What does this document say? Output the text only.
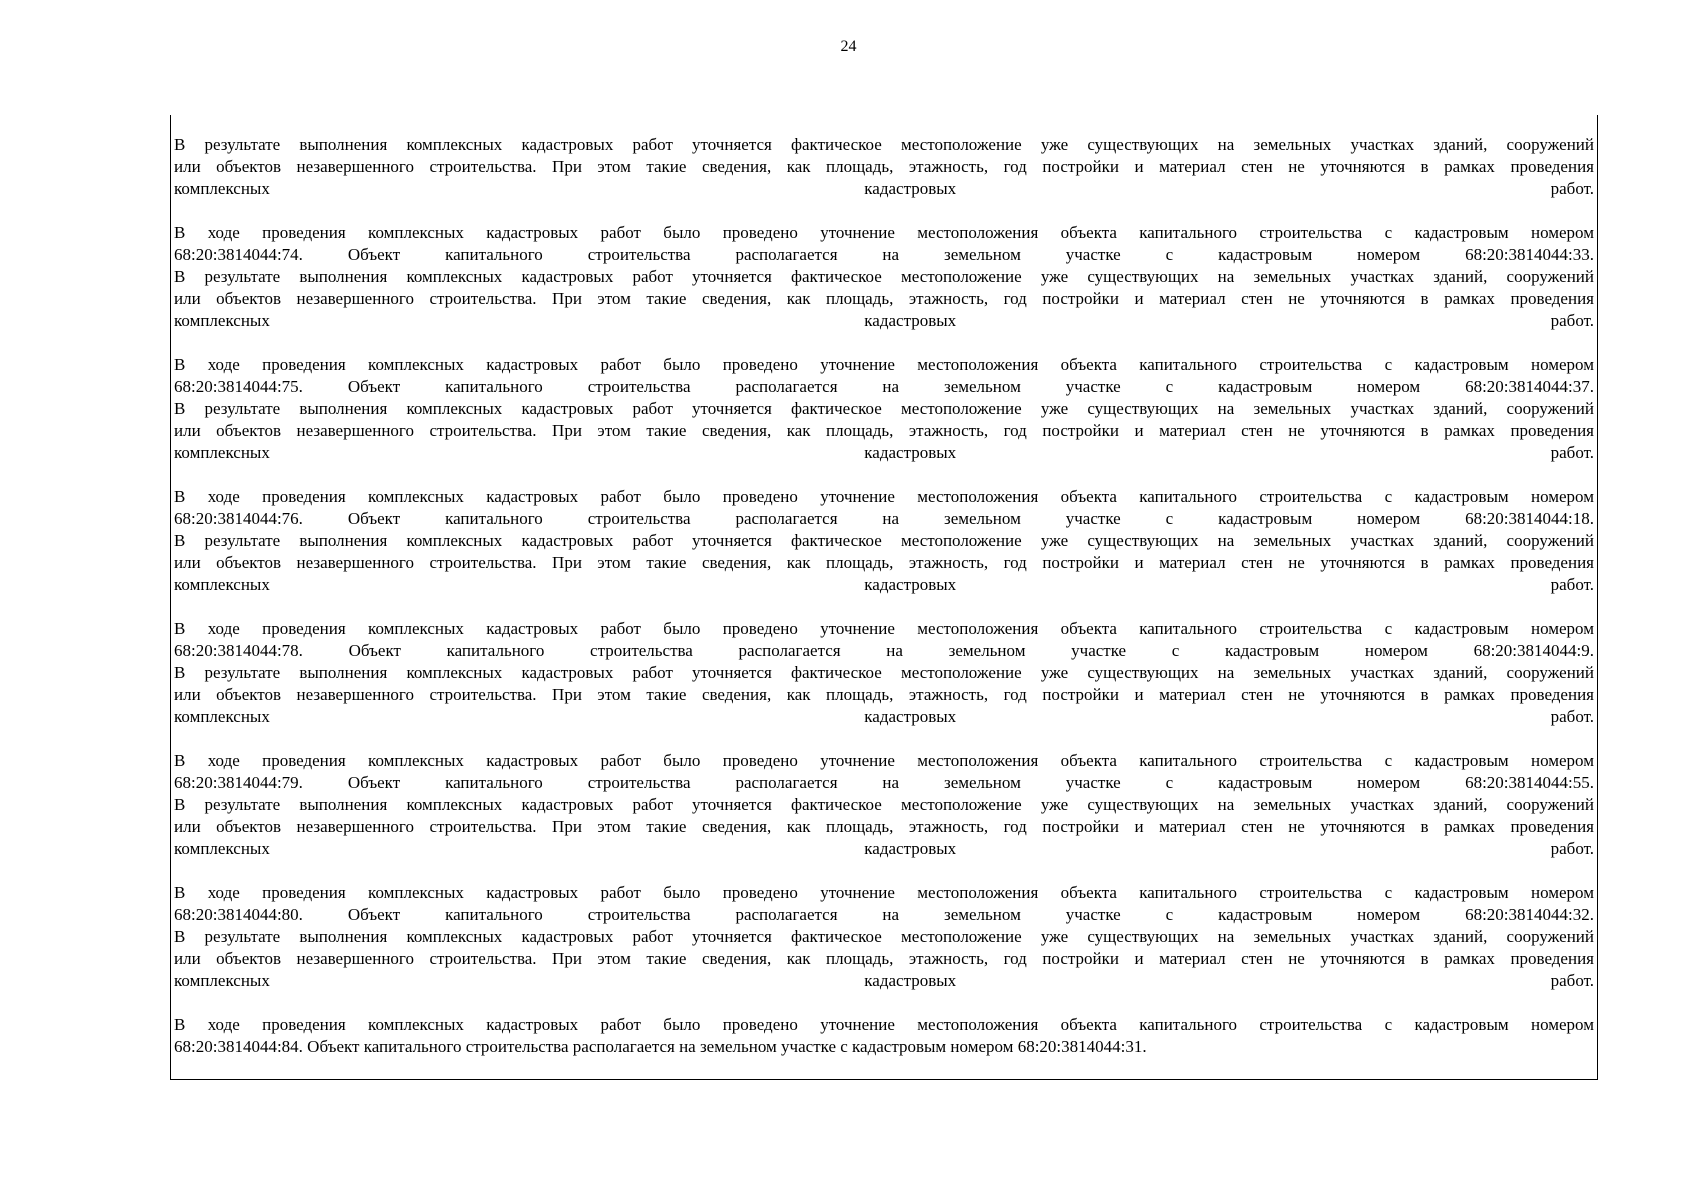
24
В результате выполнения комплексных кадастровых работ уточняется фактическое местоположение уже существующих на земельных участках зданий, сооружений
или объектов незавершенного строительства. При этом такие сведения, как площадь, этажность, год постройки и материал стен не уточняются в рамках проведения
комплексных кадастровых работ.
В ходе проведения комплексных кадастровых работ было проведено уточнение местоположения объекта капитального строительства с кадастровым номером
68:20:3814044:74. Объект капитального строительства располагается на земельном участке с кадастровым номером 68:20:3814044:33.
В результате выполнения комплексных кадастровых работ уточняется фактическое местоположение уже существующих на земельных участках зданий, сооружений
или объектов незавершенного строительства. При этом такие сведения, как площадь, этажность, год постройки и материал стен не уточняются в рамках проведения
комплексных кадастровых работ.
В ходе проведения комплексных кадастровых работ было проведено уточнение местоположения объекта капитального строительства с кадастровым номером
68:20:3814044:75. Объект капитального строительства располагается на земельном участке с кадастровым номером 68:20:3814044:37.
В результате выполнения комплексных кадастровых работ уточняется фактическое местоположение уже существующих на земельных участках зданий, сооружений
или объектов незавершенного строительства. При этом такие сведения, как площадь, этажность, год постройки и материал стен не уточняются в рамках проведения
комплексных кадастровых работ.
В ходе проведения комплексных кадастровых работ было проведено уточнение местоположения объекта капитального строительства с кадастровым номером
68:20:3814044:76. Объект капитального строительства располагается на земельном участке с кадастровым номером 68:20:3814044:18.
В результате выполнения комплексных кадастровых работ уточняется фактическое местоположение уже существующих на земельных участках зданий, сооружений
или объектов незавершенного строительства. При этом такие сведения, как площадь, этажность, год постройки и материал стен не уточняются в рамках проведения
комплексных кадастровых работ.
В ходе проведения комплексных кадастровых работ было проведено уточнение местоположения объекта капитального строительства с кадастровым номером
68:20:3814044:78. Объект капитального строительства располагается на земельном участке с кадастровым номером 68:20:3814044:9.
В результате выполнения комплексных кадастровых работ уточняется фактическое местоположение уже существующих на земельных участках зданий, сооружений
или объектов незавершенного строительства. При этом такие сведения, как площадь, этажность, год постройки и материал стен не уточняются в рамках проведения
комплексных кадастровых работ.
В ходе проведения комплексных кадастровых работ было проведено уточнение местоположения объекта капитального строительства с кадастровым номером
68:20:3814044:79. Объект капитального строительства располагается на земельном участке с кадастровым номером 68:20:3814044:55.
В результате выполнения комплексных кадастровых работ уточняется фактическое местоположение уже существующих на земельных участках зданий, сооружений
или объектов незавершенного строительства. При этом такие сведения, как площадь, этажность, год постройки и материал стен не уточняются в рамках проведения
комплексных кадастровых работ.
В ходе проведения комплексных кадастровых работ было проведено уточнение местоположения объекта капитального строительства с кадастровым номером
68:20:3814044:80. Объект капитального строительства располагается на земельном участке с кадастровым номером 68:20:3814044:32.
В результате выполнения комплексных кадастровых работ уточняется фактическое местоположение уже существующих на земельных участках зданий, сооружений
или объектов незавершенного строительства. При этом такие сведения, как площадь, этажность, год постройки и материал стен не уточняются в рамках проведения
комплексных кадастровых работ.
В ходе проведения комплексных кадастровых работ было проведено уточнение местоположения объекта капитального строительства с кадастровым номером
68:20:3814044:84. Объект капитального строительства располагается на земельном участке с кадастровым номером 68:20:3814044:31.
